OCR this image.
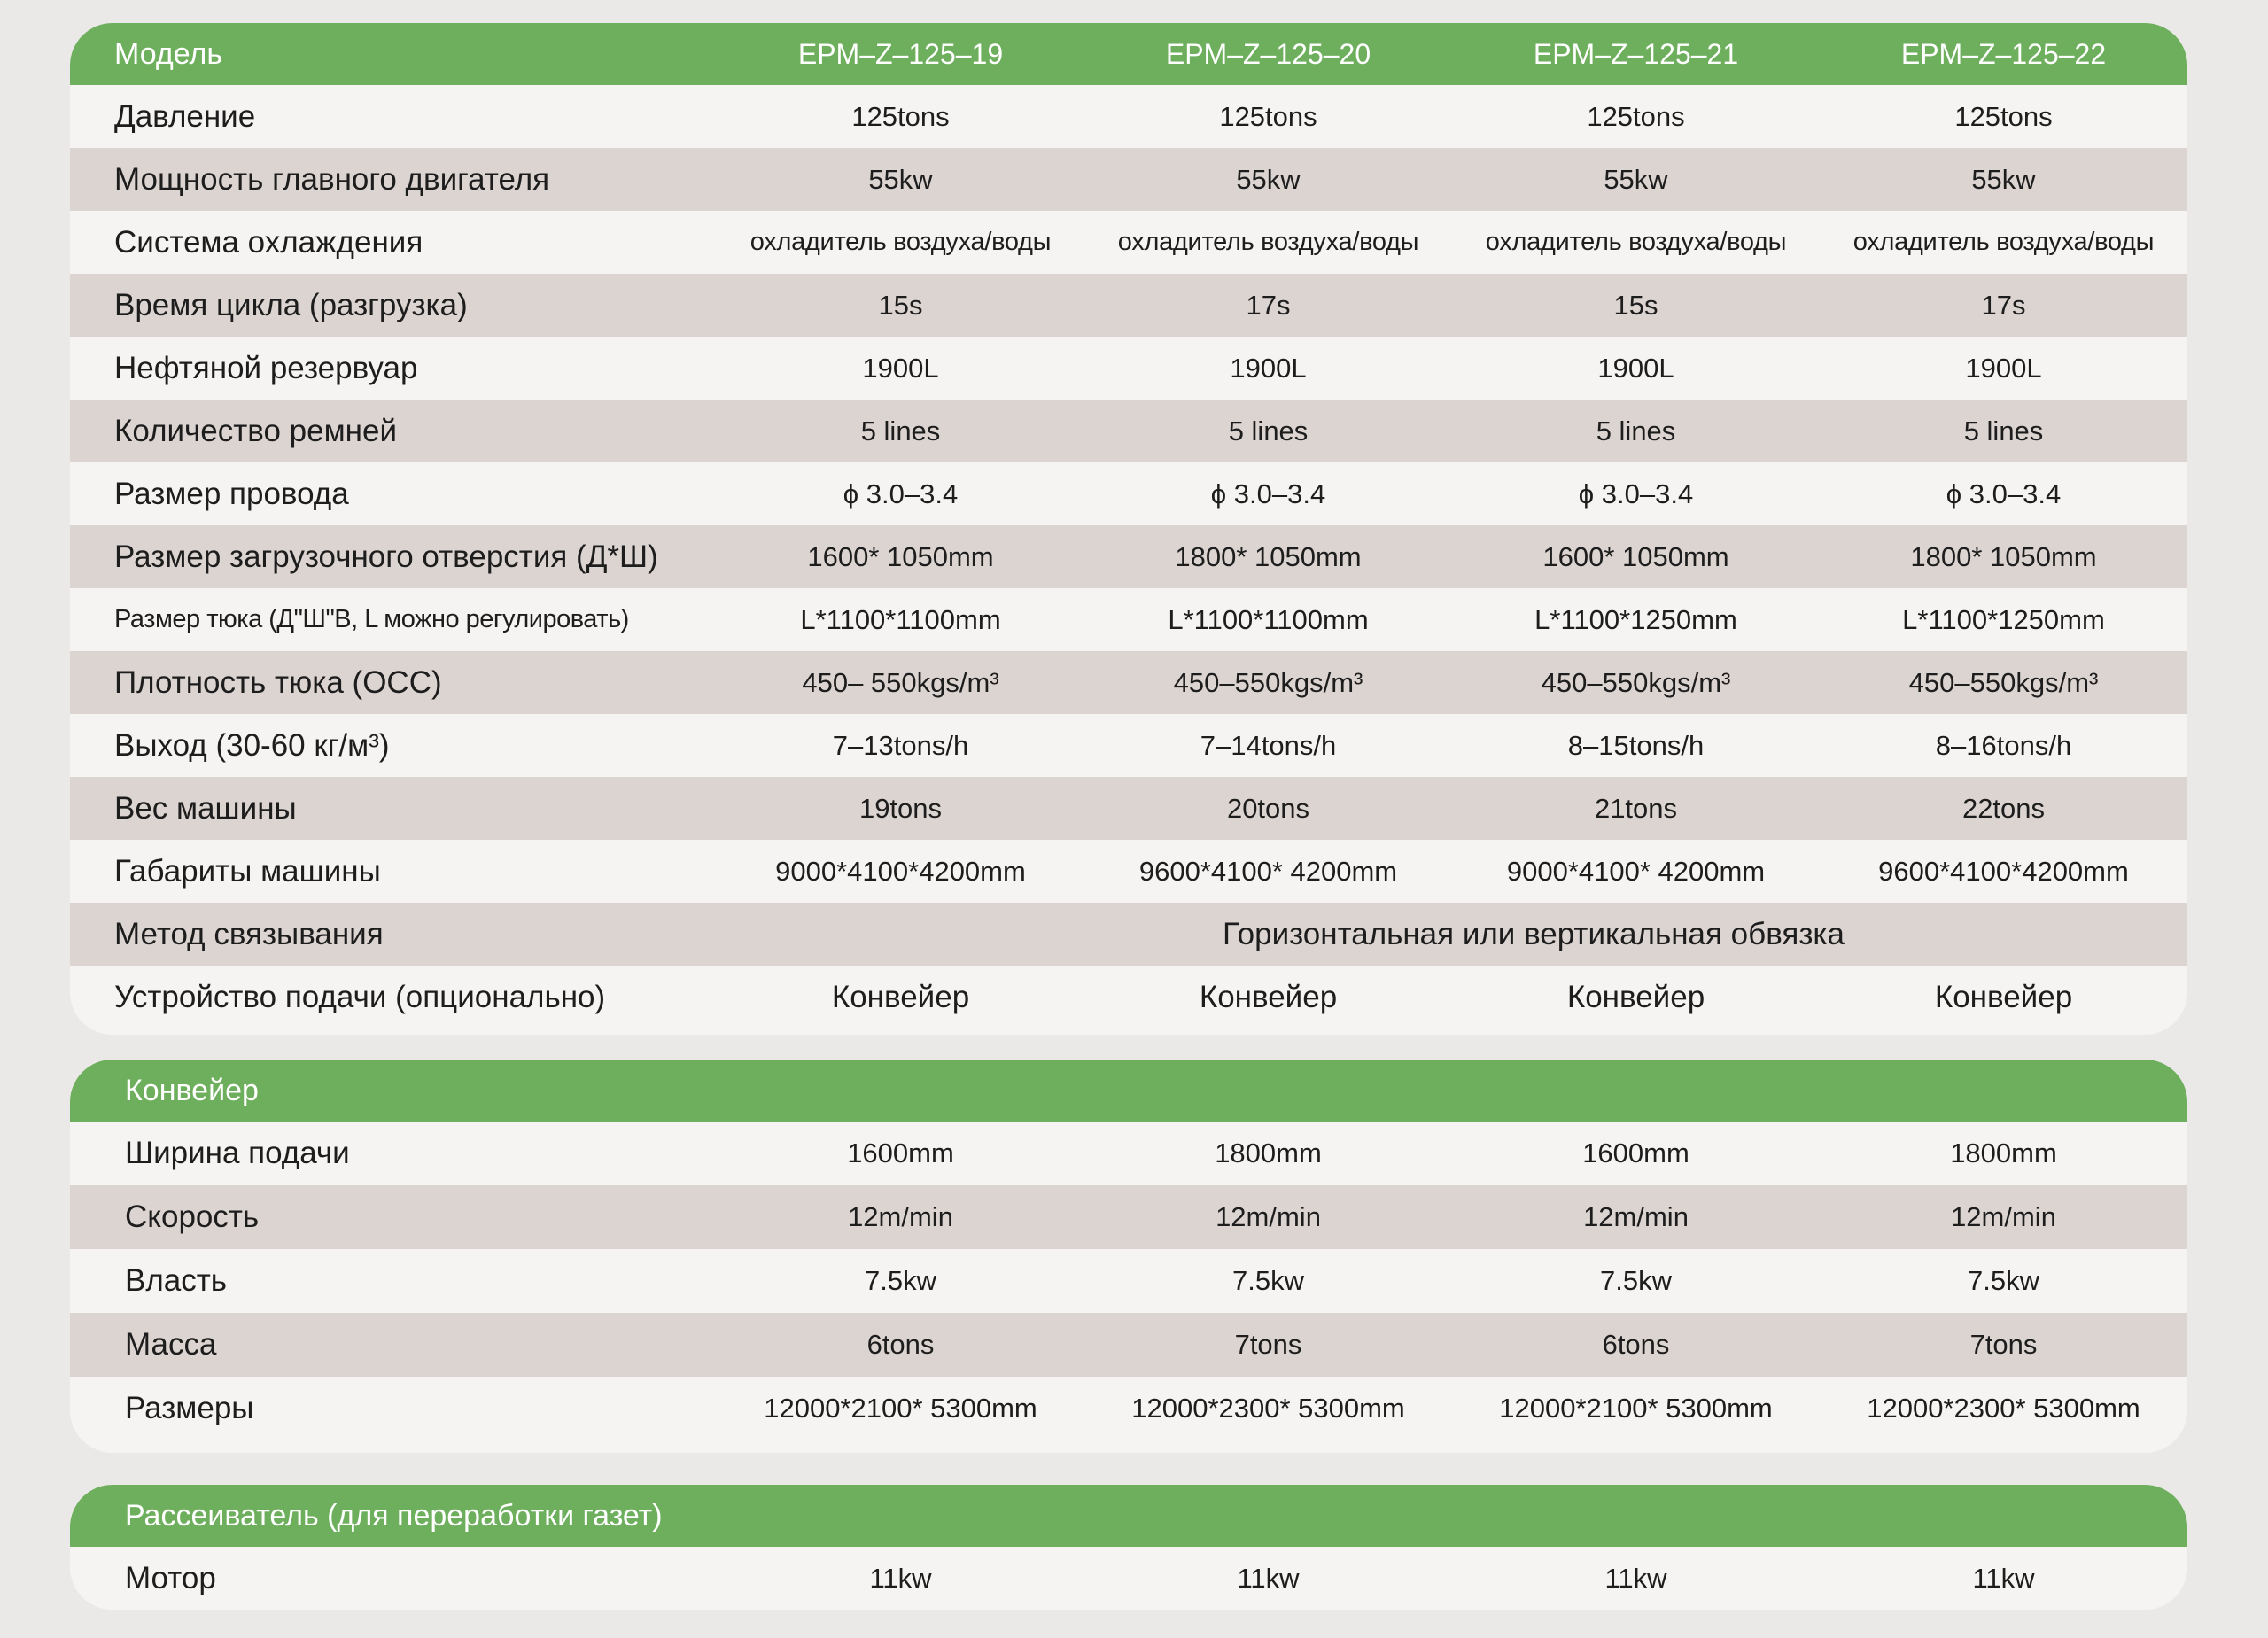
Модель	EPM–Z–125–19	EPM–Z–125–20	EPM–Z–125–21	EPM–Z–125–22
Давление	125tons	125tons	125tons	125tons
Мощность главного двигателя	55kw	55kw	55kw	55kw
Система охлаждения	охладитель воздуха/воды	охладитель воздуха/воды	охладитель воздуха/воды	охладитель воздуха/воды
Время цикла (разгрузка)	15s	17s	15s	17s
Нефтяной резервуар	1900L	1900L	1900L	1900L
Количество ремней	5 lines	5 lines	5 lines	5 lines
Размер провода	ϕ 3.0–3.4	ϕ 3.0–3.4	ϕ 3.0–3.4	ϕ 3.0–3.4
Размер загрузочного отверстия (Д*Ш)	1600* 1050mm	1800* 1050mm	1600* 1050mm	1800* 1050mm
Размер тюка (Д"Ш"В, L можно регулировать)	L*1100*1100mm	L*1100*1100mm	L*1100*1250mm	L*1100*1250mm
Плотность тюка (OCC)	450– 550kgs/m³	450–550kgs/m³	450–550kgs/m³	450–550kgs/m³
Выход (30-60 кг/м³)	7–13tons/h	7–14tons/h	8–15tons/h	8–16tons/h
Вес машины	19tons	20tons	21tons	22tons
Габариты машины	9000*4100*4200mm	9600*4100* 4200mm	9000*4100* 4200mm	9600*4100*4200mm
Метод связывания	Горизонтальная или вертикальная обвязка
Устройство подачи (опционально)	Конвейер	Конвейер	Конвейер	Конвейер
Конвейер
Ширина подачи	1600mm	1800mm	1600mm	1800mm
Скорость	12m/min	12m/min	12m/min	12m/min
Власть	7.5kw	7.5kw	7.5kw	7.5kw
Масса	6tons	7tons	6tons	7tons
Размеры	12000*2100* 5300mm	12000*2300* 5300mm	12000*2100* 5300mm	12000*2300* 5300mm
Рассеиватель (для переработки газет)
Мотор	11kw	11kw	11kw	11kw
